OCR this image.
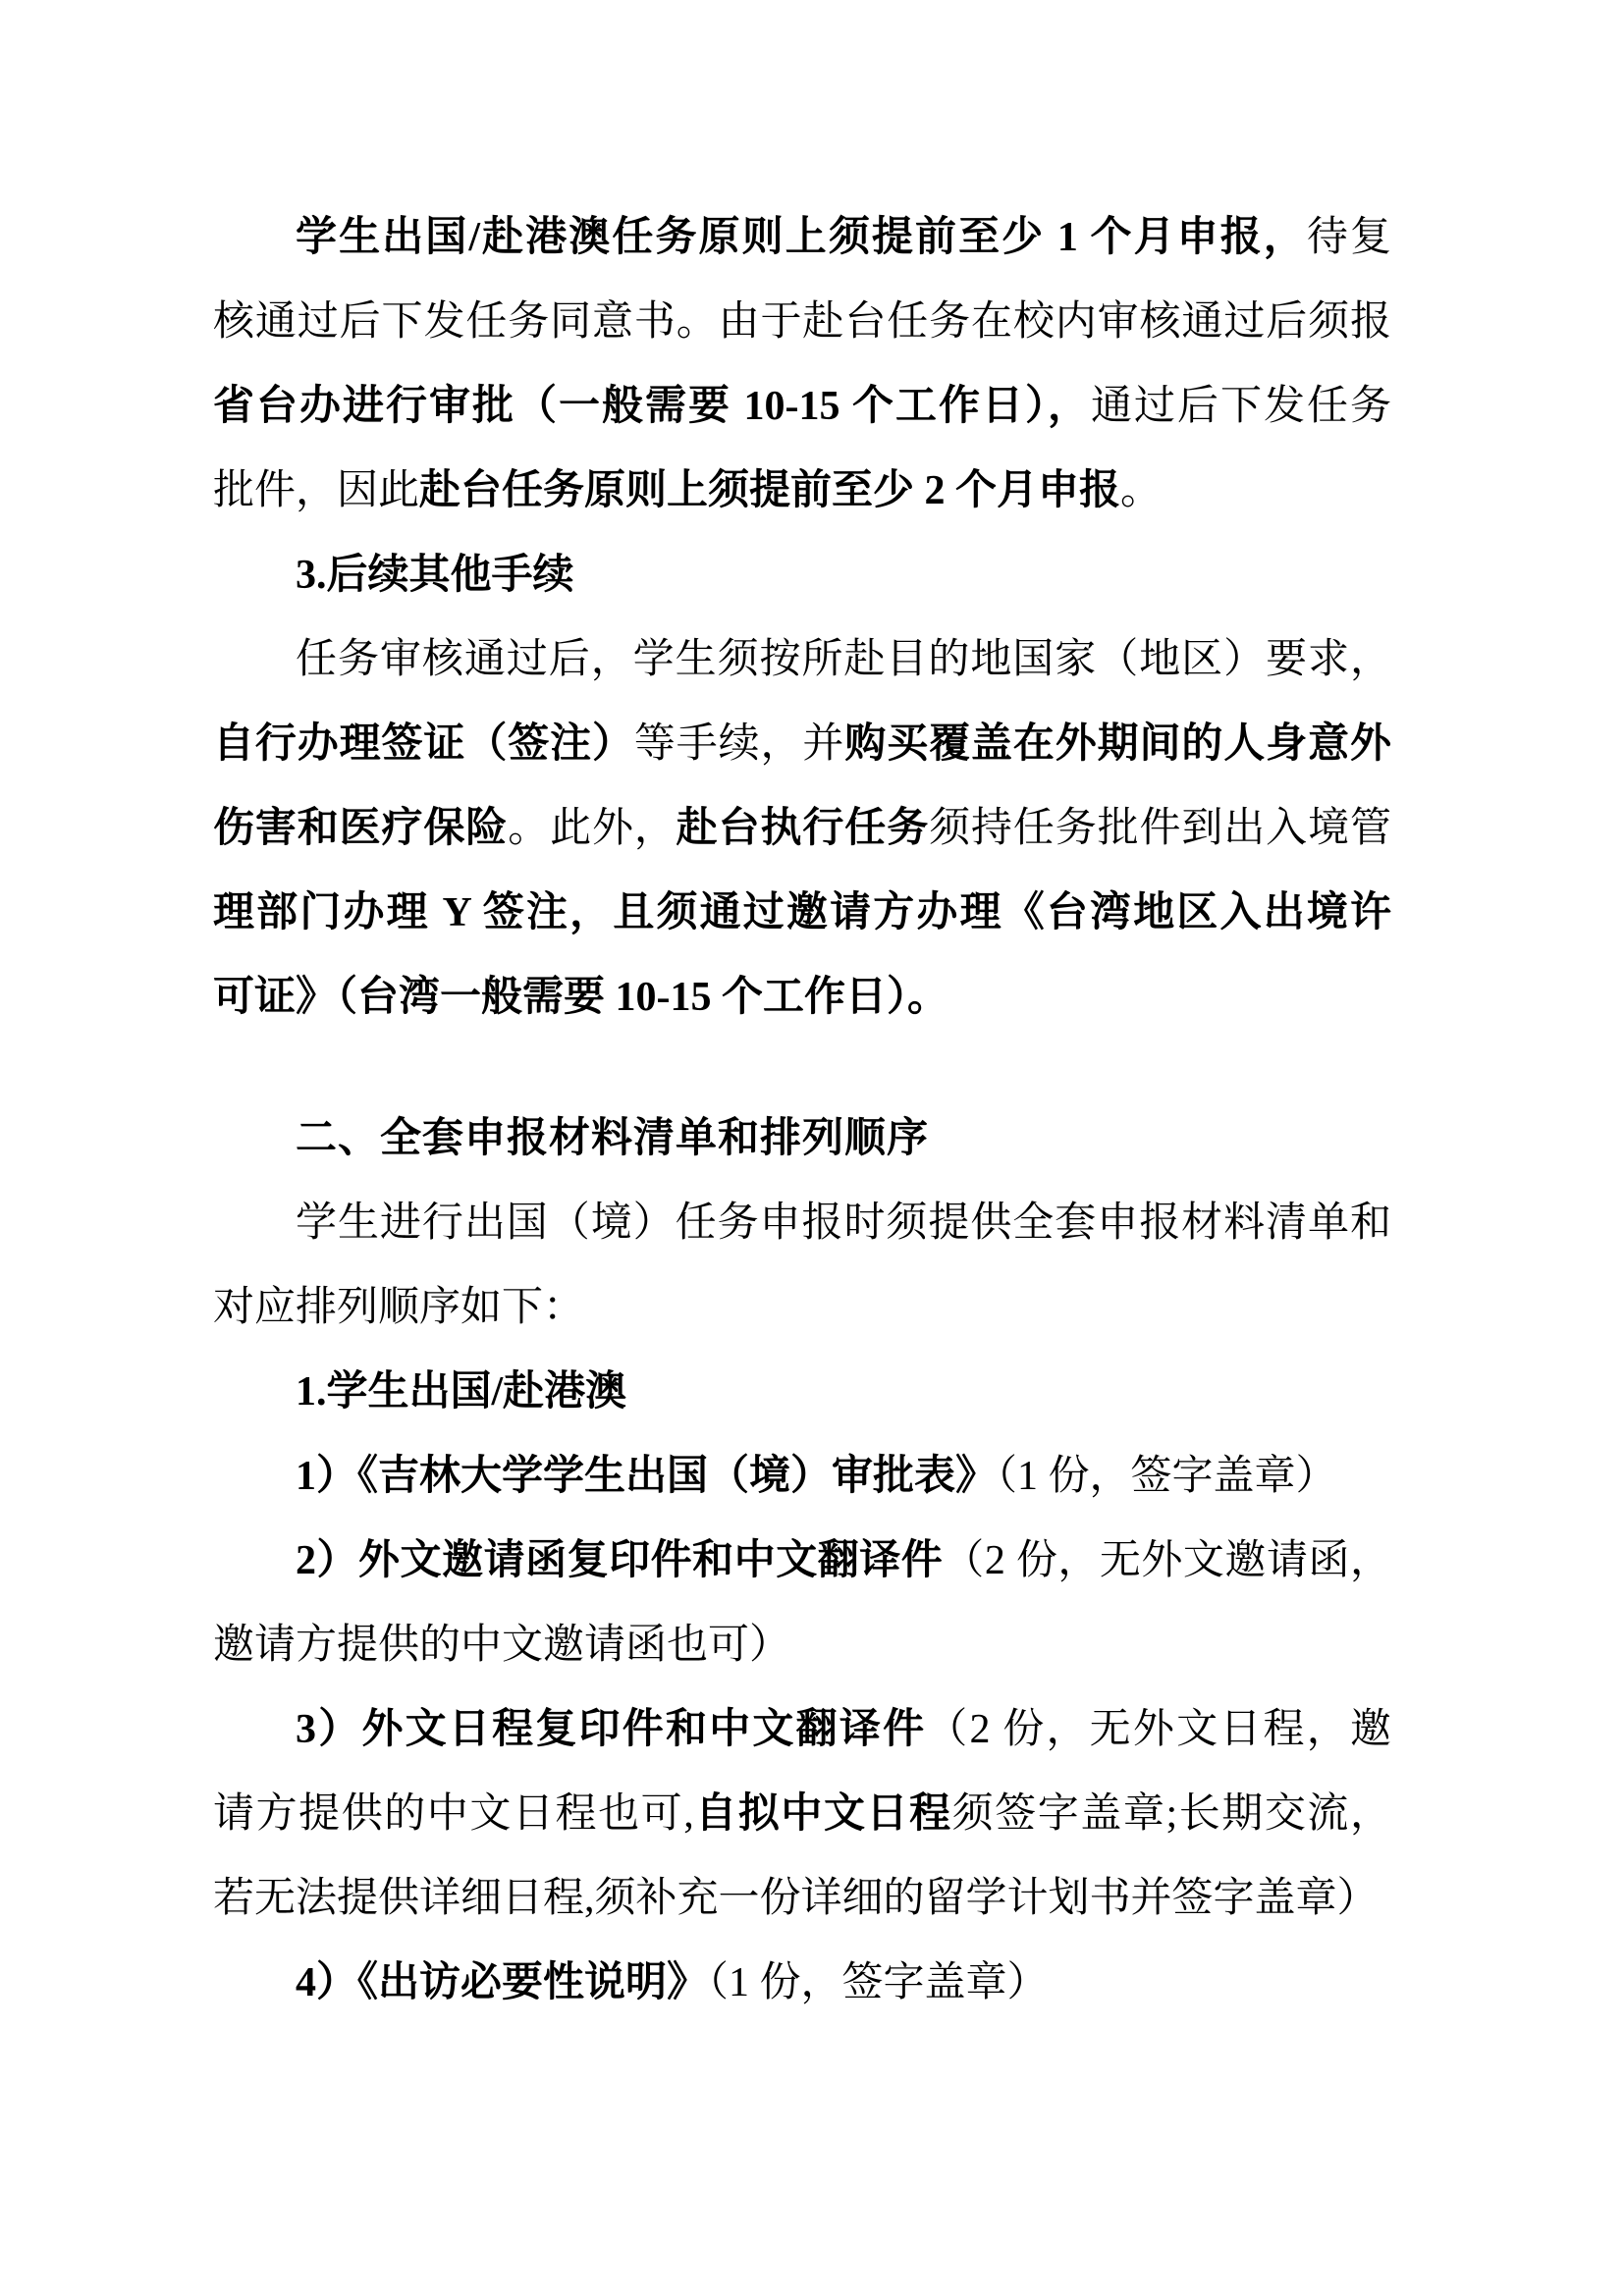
学生出国/赴港澳任务原则上须提前至少 1 个月申报，待复
核通过后下发任务同意书。由于赴台任务在校内审核通过后须报
省台办进行审批（一般需要 10-15 个工作日），通过后下发任务
批件，因此赴台任务原则上须提前至少 2 个月申报。
3.后续其他手续
任务审核通过后，学生须按所赴目的地国家（地区）要求，
自行办理签证（签注）等手续，并购买覆盖在外期间的人身意外
伤害和医疗保险。此外，赴台执行任务须持任务批件到出入境管
理部门办理 Y 签注，且须通过邀请方办理《台湾地区入出境许
可证》（台湾一般需要 10-15 个工作日）。
二、全套申报材料清单和排列顺序
学生进行出国（境）任务申报时须提供全套申报材料清单和
对应排列顺序如下：
1.学生出国/赴港澳
1）《吉林大学学生出国（境）审批表》（1 份，签字盖章）
2）外文邀请函复印件和中文翻译件（2 份，无外文邀请函，
邀请方提供的中文邀请函也可）
3）外文日程复印件和中文翻译件（2 份，无外文日程，邀
请方提供的中文日程也可,自拟中文日程须签字盖章;长期交流，
若无法提供详细日程,须补充一份详细的留学计划书并签字盖章）
4）《出访必要性说明》（1 份，签字盖章）
